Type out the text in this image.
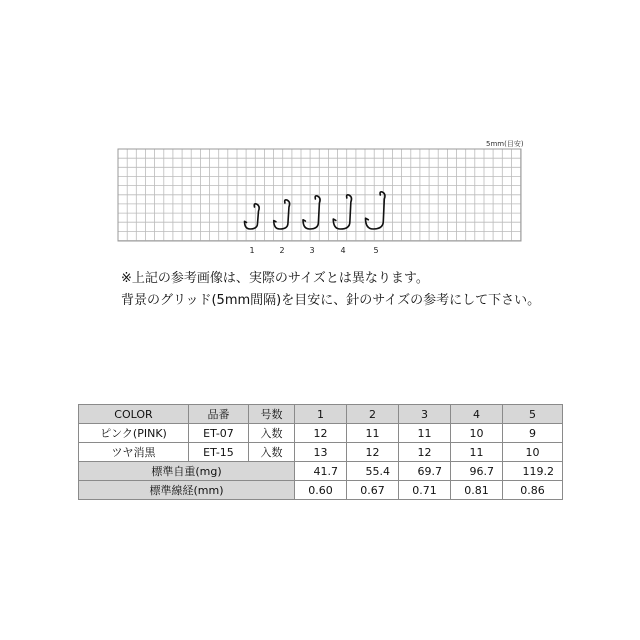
5mm(目安)
1	2	3	4	5
※上記の参考画像は、実際のサイズとは異なります。
背景のグリッド(5mm間隔)を目安に、針のサイズの参考にして下さい。
COLOR	品番	号数	1	2	3	4	5
ピンク(PINK)	ET-07	入数	12	11	11	10	9
ツヤ消黒	ET-15	入数	13	12	12	11	10
標準自重(mg)			41.7	55.4	69.7	96.7	119.2
標準線経(mm)			0.60	0.67	0.71	0.81	0.86
